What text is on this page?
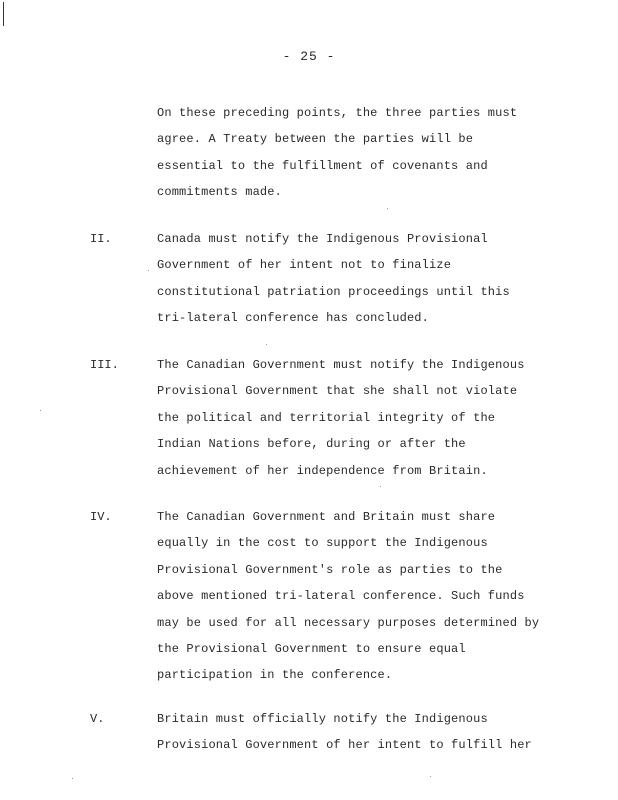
- 25 -
On these preceding points, the three parties must
agree. A Treaty between the parties will be
essential to the fulfillment of covenants and
commitments made.
II.	Canada must notify the Indigenous Provisional
Government of her intent not to finalize
constitutional patriation proceedings until this
tri-lateral conference has concluded.
III.	The Canadian Government must notify the Indigenous
Provisional Government that she shall not violate
the political and territorial integrity of the
Indian Nations before, during or after the
achievement of her independence from Britain.
IV.	The Canadian Government and Britain must share
equally in the cost to support the Indigenous
Provisional Government's role as parties to the
above mentioned tri-lateral conference. Such funds
may be used for all necessary purposes determined by
the Provisional Government to ensure equal
participation in the conference.
V.	Britain must officially notify the Indigenous
Provisional Government of her intent to fulfill her
